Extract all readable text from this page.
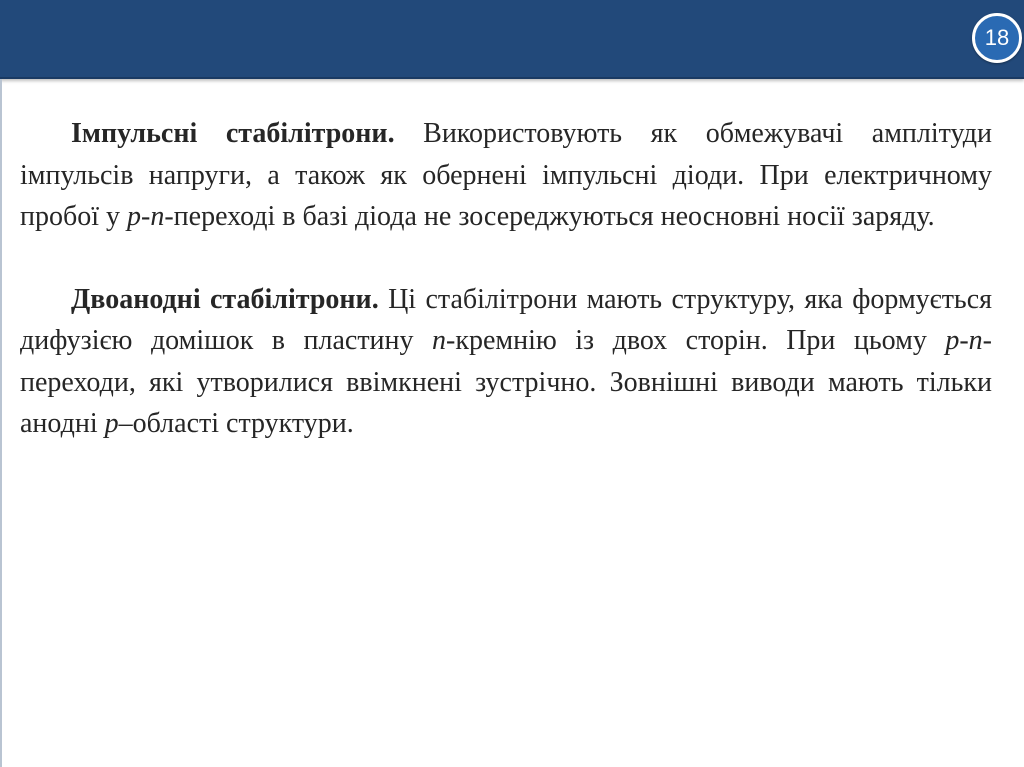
18

Імпульсні стабілітрони. Використовують як обмежувачі амплітуди імпульсів напруги, а також як обернені імпульсні діоди. При електричному пробої у p-n-переході в базі діода не зосереджуються неосновні носії заряду.

Двоанодні стабілітрони. Ці стабілітрони мають структуру, яка формується дифузією домішок в пластину n-кремнію із двох сторін. При цьому p-n-переходи, які утворилися ввімкнені зустрічно. Зовнішні виводи мають тільки анодні p–області структури.
